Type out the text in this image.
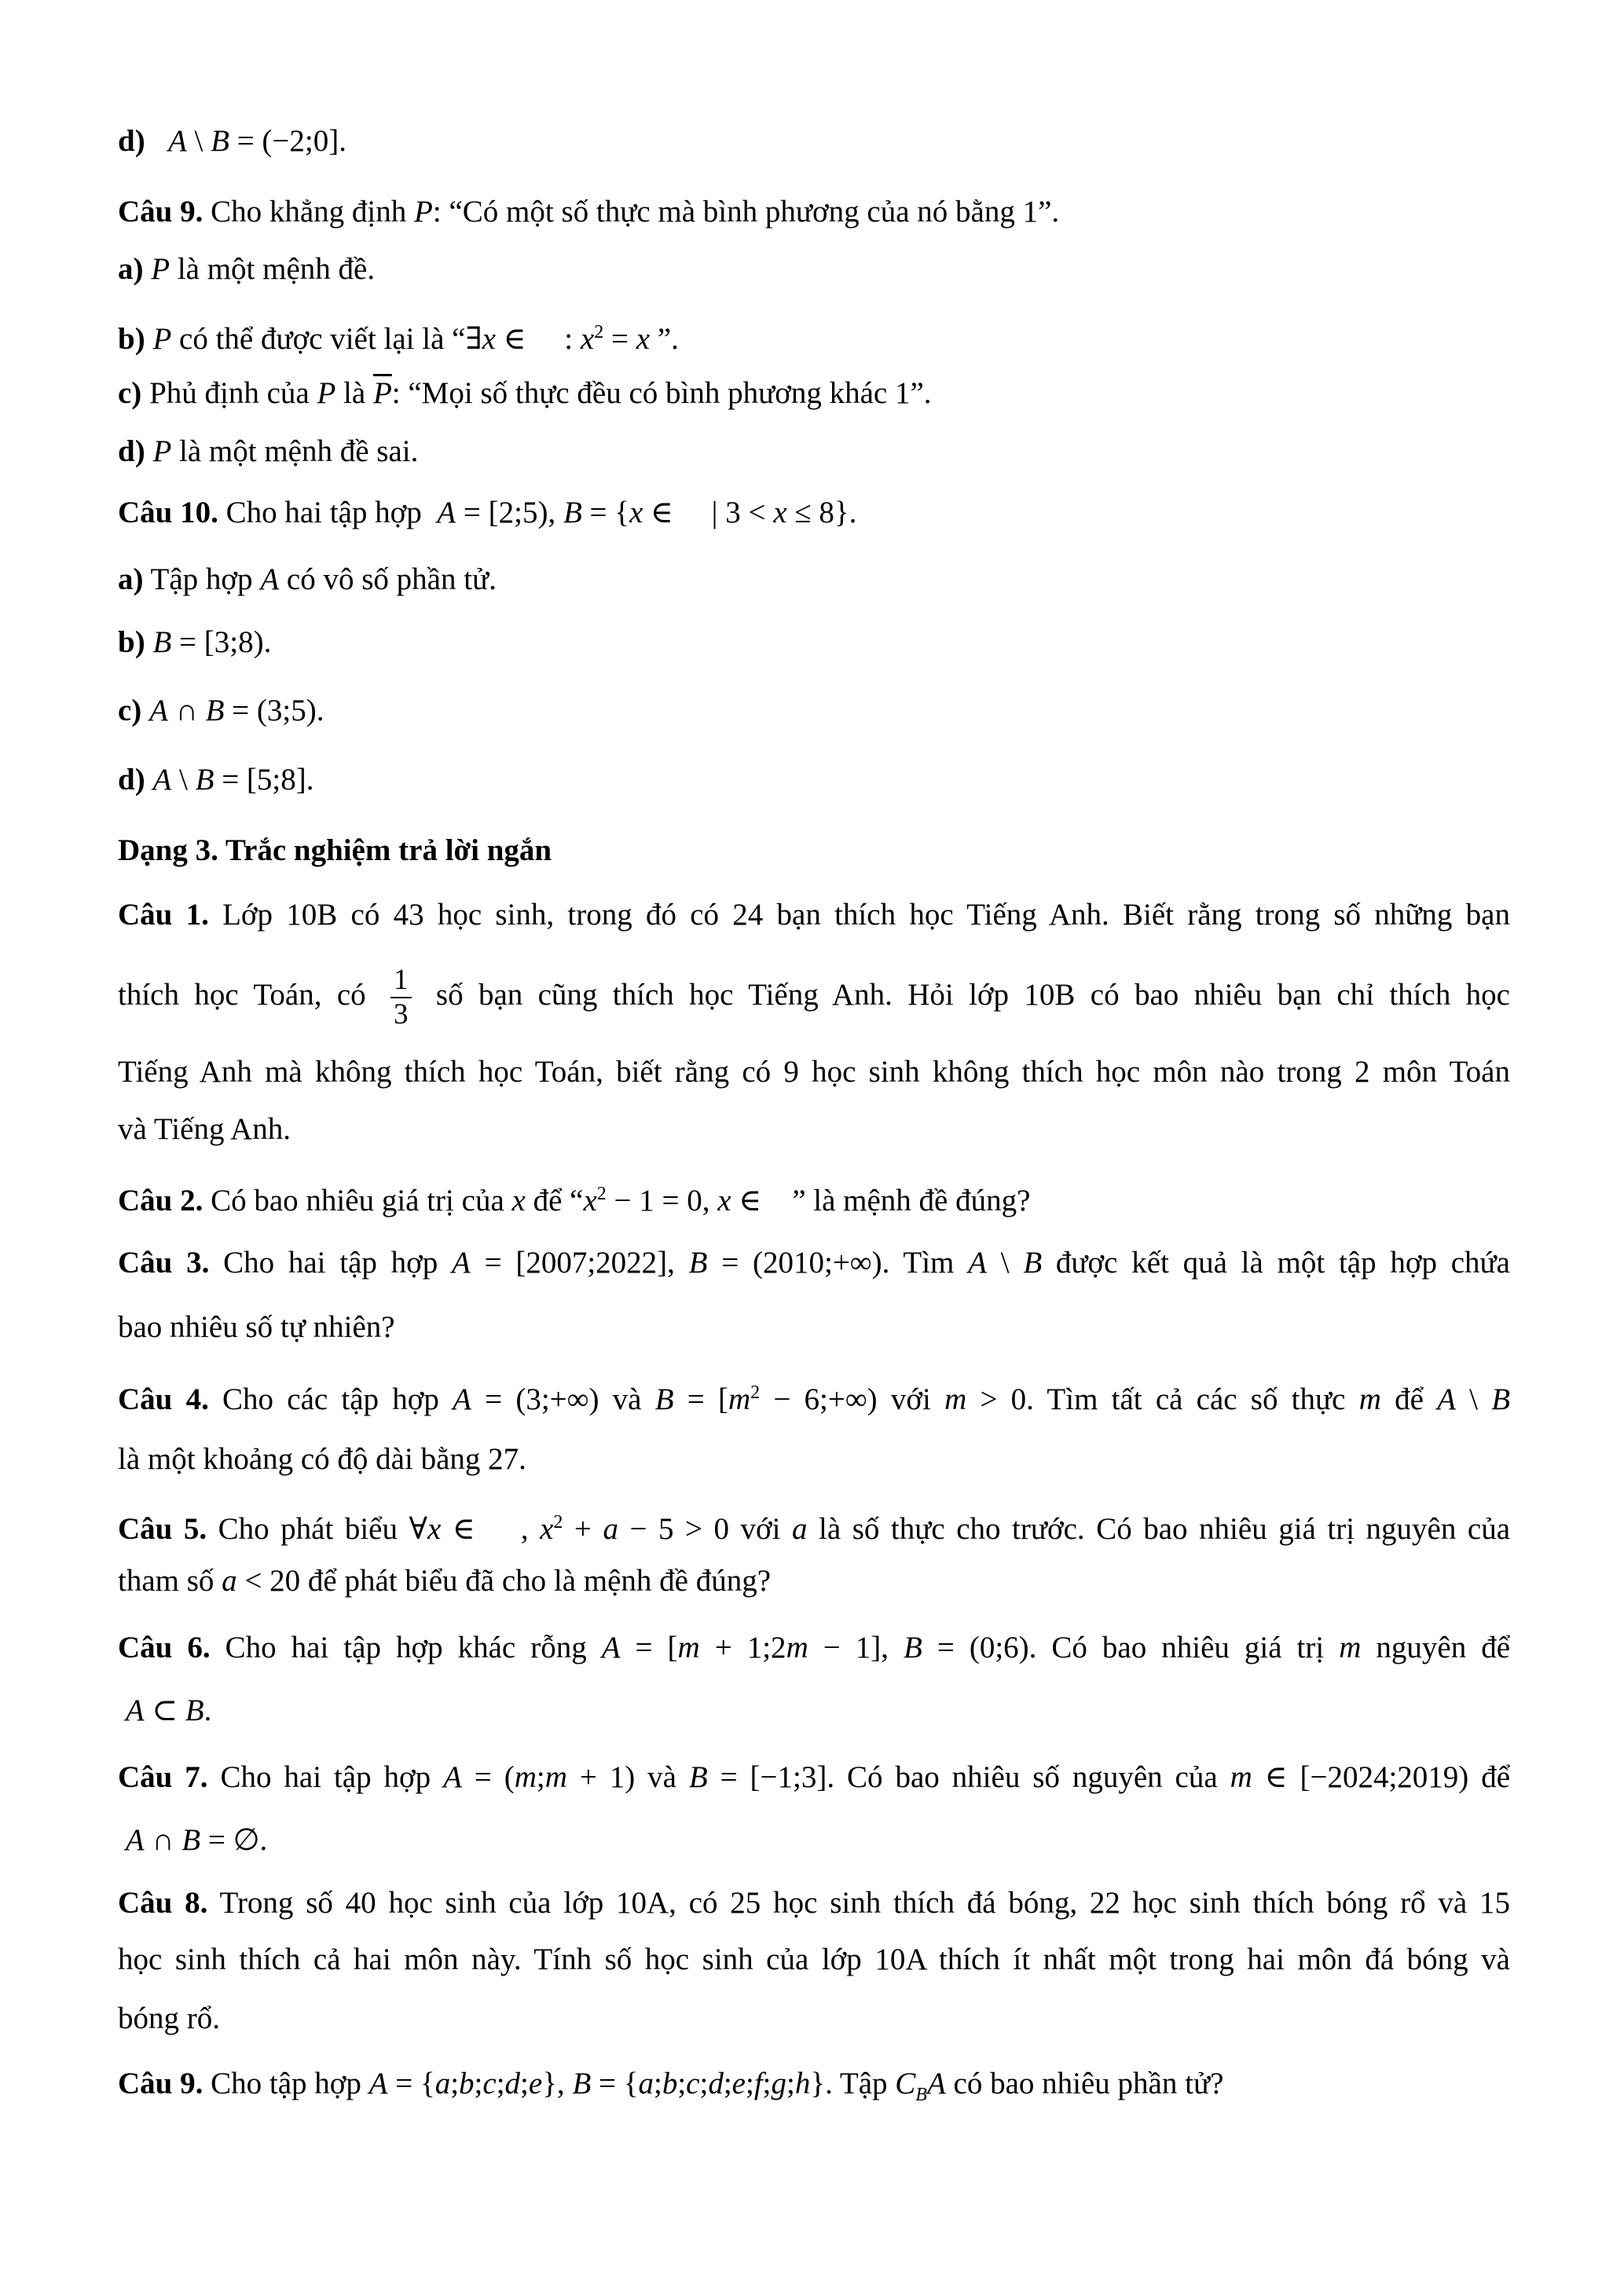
d) A \ B = (−2;0].
Câu 9. Cho khẳng định P: “Có một số thực mà bình phương của nó bằng 1”.
a) P là một mệnh đề.
b) P có thể được viết lại là “∃x ∈     : $x^2 = x$ ”.
c) Phủ định của P là $\overline{P}$: “Mọi số thực đều có bình phương khác 1”.
d) P là một mệnh đề sai.
Câu 10. Cho hai tập hợp  A = [2;5), B = {x ∈     | 3 < x ≤ 8}.
a) Tập hợp A có vô số phần tử.
b) B = [3;8).
c) A ∩ B = (3;5).
d) A \ B = [5;8].
Dạng 3. Trắc nghiệm trả lời ngắn
Câu 1. Lớp 10B có 43 học sinh, trong đó có 24 bạn thích học Tiếng Anh. Biết rằng trong số những bạn
thích học Toán, có $\frac{1}{3}$ số bạn cũng thích học Tiếng Anh. Hỏi lớp 10B có bao nhiêu bạn chỉ thích học
Tiếng Anh mà không thích học Toán, biết rằng có 9 học sinh không thích học môn nào trong 2 môn Toán
và Tiếng Anh.
Câu 2. Có bao nhiêu giá trị của x để “$x^2 - 1 = 0$, x ∈    ” là mệnh đề đúng?
Câu 3. Cho hai tập hợp A = [2007;2022], B = (2010;+∞). Tìm A \ B được kết quả là một tập hợp chứa
bao nhiêu số tự nhiên?
Câu 4. Cho các tập hợp A = (3;+∞) và $B = [m^2$ − 6;+∞) với m > 0. Tìm tất cả các số thực m để A \ B
là một khoảng có độ dài bằng 27.
Câu 5. Cho phát biểu ∀x ∈    , $x^2 + a - 5 > 0$ với a là số thực cho trước. Có bao nhiêu giá trị nguyên của
tham số a < 20 để phát biểu đã cho là mệnh đề đúng?
Câu 6. Cho hai tập hợp khác rỗng A = [m + 1;2m − 1], B = (0;6). Có bao nhiêu giá trị m nguyên để
A ⊂ B.
Câu 7. Cho hai tập hợp A = (m;m + 1) và B = [−1;3]. Có bao nhiêu số nguyên của m ∈ [−2024;2019) để
A ∩ B = ∅.
Câu 8. Trong số 40 học sinh của lớp 10A, có 25 học sinh thích đá bóng, 22 học sinh thích bóng rổ và 15
học sinh thích cả hai môn này. Tính số học sinh của lớp 10A thích ít nhất một trong hai môn đá bóng và
bóng rổ.
Câu 9. Cho tập hợp A = {a;b;c;d;e}, B = {a;b;c;d;e;f;g;h}. Tập $C_BA$ có bao nhiêu phần tử?
